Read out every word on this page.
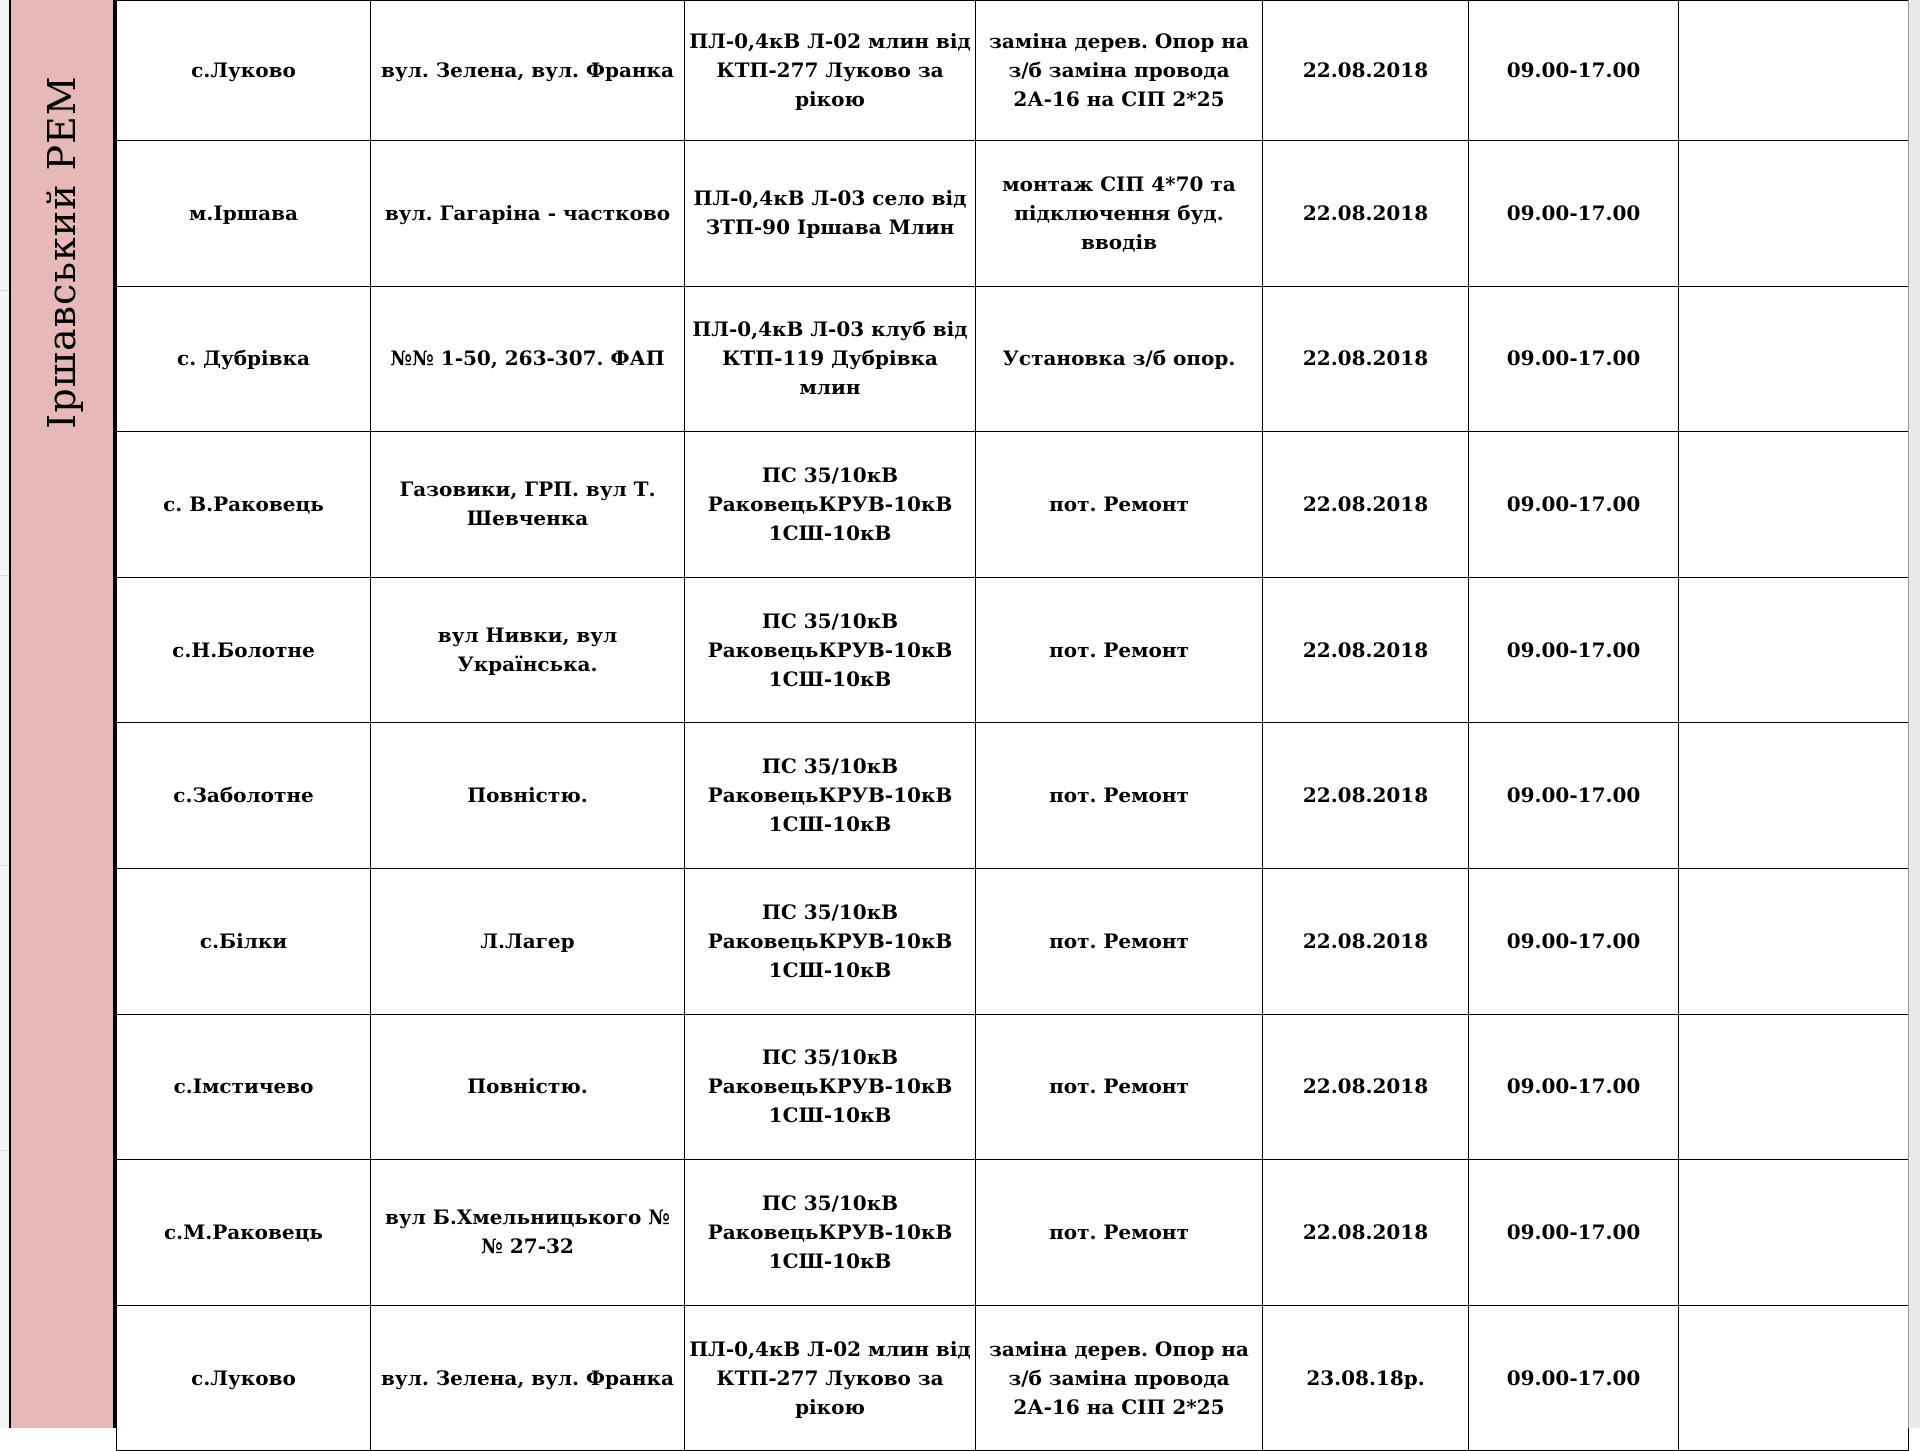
Іршавський РЕМ
с.Луково	вул. Зелена, вул. Франка	ПЛ-0,4кВ Л-02 млин від КТП-277 Луково за рікою	заміна дерев. Опор на з/б заміна провода 2А-16 на СІП 2*25	22.08.2018	09.00-17.00	
м.Іршава	вул. Гагаріна - частково	ПЛ-0,4кВ Л-03 село від ЗТП-90 Іршава Млин	монтаж СІП 4*70 та підключення буд. вводів	22.08.2018	09.00-17.00	
с. Дубрівка	№№ 1-50, 263-307. ФАП	ПЛ-0,4кВ Л-03 клуб від КТП-119 Дубрівка млин	Установка з/б опор.	22.08.2018	09.00-17.00	
с. В.Раковець	Газовики, ГРП. вул Т. Шевченка	ПС 35/10кВ РаковецьКРУВ-10кВ 1СШ-10кВ	пот. Ремонт	22.08.2018	09.00-17.00	
с.Н.Болотне	вул Нивки, вул Українська.	ПС 35/10кВ РаковецьКРУВ-10кВ 1СШ-10кВ	пот. Ремонт	22.08.2018	09.00-17.00	
с.Заболотне	Повністю.	ПС 35/10кВ РаковецьКРУВ-10кВ 1СШ-10кВ	пот. Ремонт	22.08.2018	09.00-17.00	
с.Білки	Л.Лагер	ПС 35/10кВ РаковецьКРУВ-10кВ 1СШ-10кВ	пот. Ремонт	22.08.2018	09.00-17.00	
с.Імстичево	Повністю.	ПС 35/10кВ РаковецьКРУВ-10кВ 1СШ-10кВ	пот. Ремонт	22.08.2018	09.00-17.00	
с.М.Раковець	вул Б.Хмельницького №№ 27-32	ПС 35/10кВ РаковецьКРУВ-10кВ 1СШ-10кВ	пот. Ремонт	22.08.2018	09.00-17.00	
с.Луково	вул. Зелена, вул. Франка	ПЛ-0,4кВ Л-02 млин від КТП-277 Луково за рікою	заміна дерев. Опор на з/б заміна провода 2А-16 на СІП 2*25	23.08.18р.	09.00-17.00	
